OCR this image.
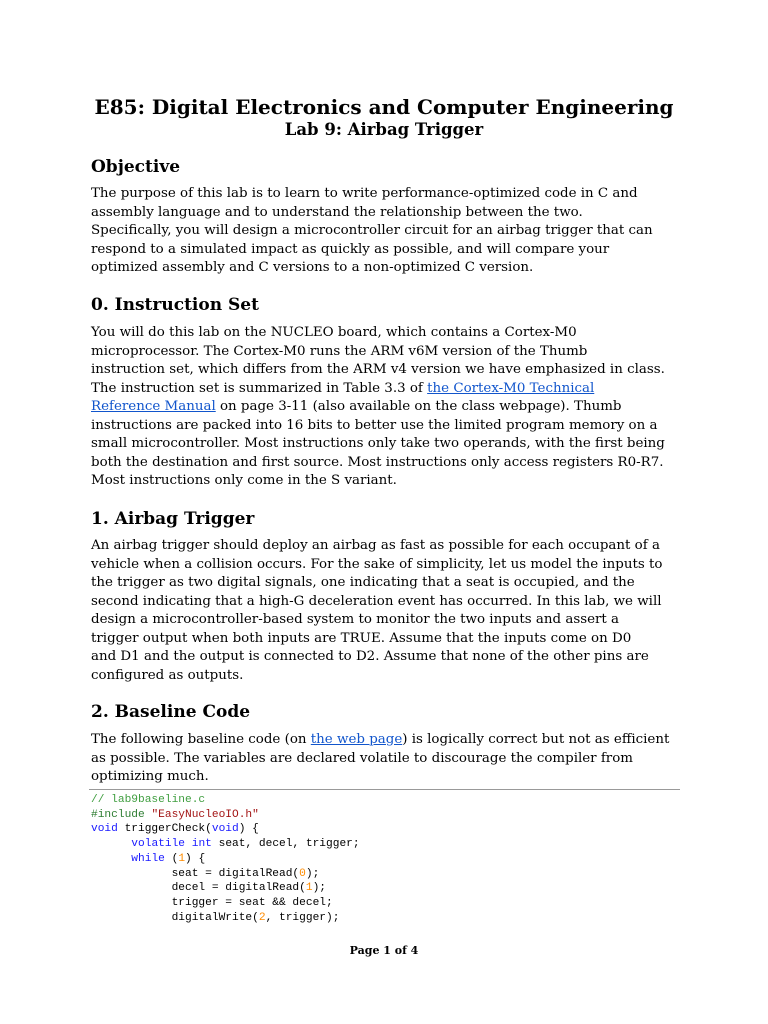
E85: Digital Electronics and Computer Engineering
Lab 9: Airbag Trigger
Objective
The purpose of this lab is to learn to write performance-optimized code in C and
assembly language and to understand the relationship between the two.
Specifically, you will design a microcontroller circuit for an airbag trigger that can
respond to a simulated impact as quickly as possible, and will compare your
optimized assembly and C versions to a non-optimized C version.
0. Instruction Set
You will do this lab on the NUCLEO board, which contains a Cortex-M0
microprocessor. The Cortex-M0 runs the ARM v6M version of the Thumb
instruction set, which differs from the ARM v4 version we have emphasized in class.
The instruction set is summarized in Table 3.3 of the Cortex-M0 Technical
Reference Manual on page 3-11 (also available on the class webpage). Thumb
instructions are packed into 16 bits to better use the limited program memory on a
small microcontroller. Most instructions only take two operands, with the first being
both the destination and first source. Most instructions only access registers R0-R7.
Most instructions only come in the S variant.
1. Airbag Trigger
An airbag trigger should deploy an airbag as fast as possible for each occupant of a
vehicle when a collision occurs. For the sake of simplicity, let us model the inputs to
the trigger as two digital signals, one indicating that a seat is occupied, and the
second indicating that a high-G deceleration event has occurred. In this lab, we will
design a microcontroller-based system to monitor the two inputs and assert a
trigger output when both inputs are TRUE. Assume that the inputs come on D0
and D1 and the output is connected to D2. Assume that none of the other pins are
configured as outputs.
2. Baseline Code
The following baseline code (on the web page) is logically correct but not as efficient
as possible. The variables are declared volatile to discourage the compiler from
optimizing much.
// lab9baseline.c
#include "EasyNucleoIO.h"
void triggerCheck(void) {
volatile int seat, decel, trigger;
while (1) {
seat = digitalRead(0);
decel = digitalRead(1);
trigger = seat && decel;
digitalWrite(2, trigger);
Page 1 of 4
